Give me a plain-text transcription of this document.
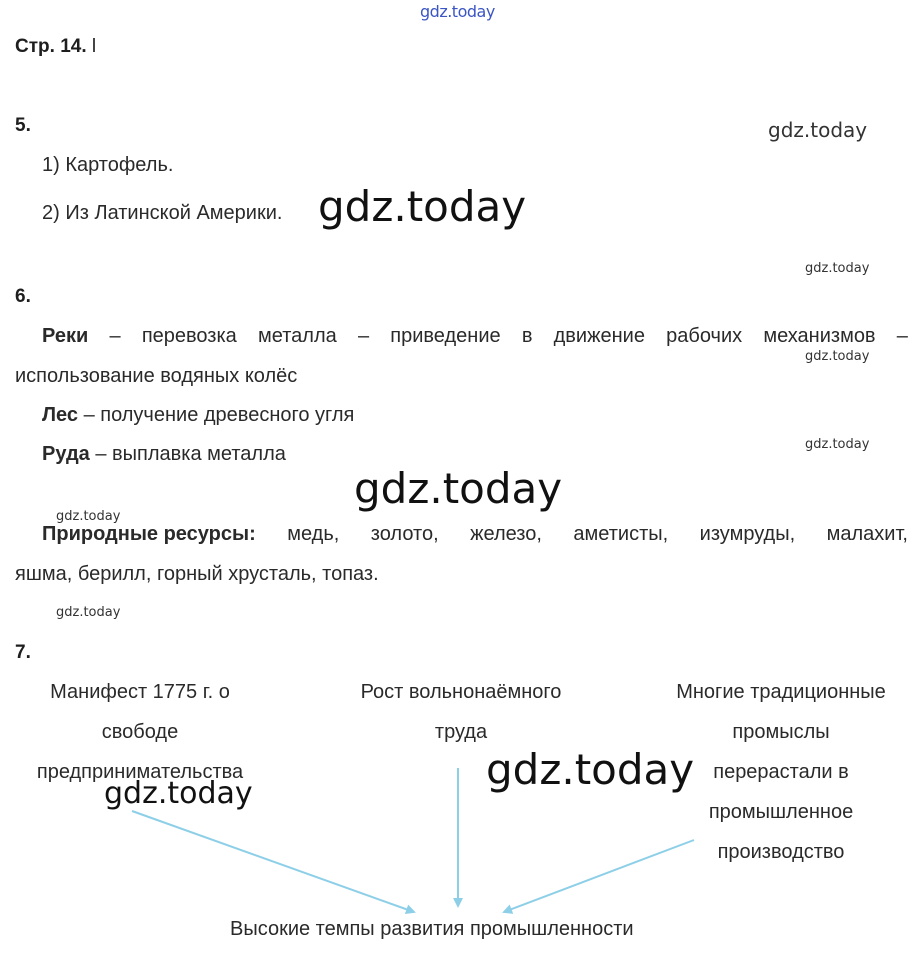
gdz.today
Стр. 14. l
5.	gdz.today
1) Картофель.
2) Из Латинской Америки. gdz.today
gdz.today
6.
Реки – перевозка металла – приведение в движение рабочих механизмов –
gdz.today
использование водяных колёс
Лес – получение древесного угля
gdz.today
Руда – выплавка металла
gdz.today
gdz.today
Природные ресурсы: медь, золото, железо, аметисты, изумруды, малахит,
яшма, берилл, горный хрусталь, топаз.
gdz.today
7.
Манифест 1775 г. о
свободе
предпринимательства
Рост вольнонаёмного
труда
Многие традиционные
промыслы
перерастали в
промышленное
производство
gdz.today
gdz.today
Высокие темпы развития промышленности
